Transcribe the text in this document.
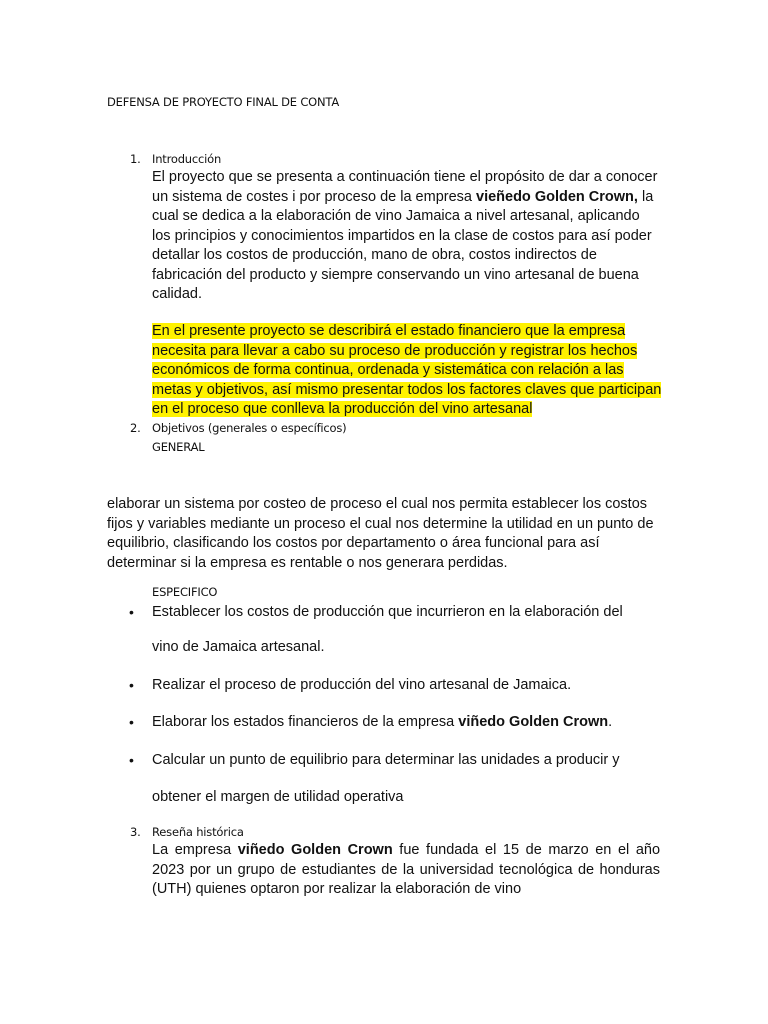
DEFENSA DE PROYECTO FINAL DE CONTA
1. Introducción
El proyecto que se presenta a continuación tiene el propósito de dar a conocer un sistema de costes i por proceso de la empresa vieñedo Golden Crown, la cual se dedica a la elaboración de vino Jamaica a nivel artesanal, aplicando los principios y conocimientos impartidos en la clase de costos para así poder detallar los costos de producción, mano de obra, costos indirectos de fabricación del producto y siempre conservando un vino artesanal de buena calidad.
En el presente proyecto se describirá el estado financiero que la empresa necesita para llevar a cabo su proceso de producción y registrar los hechos económicos de forma continua, ordenada y sistemática con relación a las metas y objetivos, así mismo presentar todos los factores claves que participan en el proceso que conlleva la producción del vino artesanal
2. Objetivos (generales o específicos)
GENERAL
elaborar un sistema por costeo de proceso el cual nos permita establecer los costos fijos y variables mediante un proceso el cual nos determine la utilidad en un punto de equilibrio, clasificando los costos por departamento o área funcional para así determinar si la empresa es rentable o nos generara perdidas.
ESPECIFICO
•	Establecer los costos de producción que incurrieron en la elaboración del
vino de Jamaica artesanal.
•	Realizar el proceso de producción del vino artesanal de Jamaica.
•	Elaborar los estados financieros de la empresa viñedo Golden Crown.
•	Calcular un punto de equilibrio para determinar las unidades a producir y
obtener el margen de utilidad operativa
3. Reseña histórica
La empresa viñedo Golden Crown fue fundada el 15 de marzo en el año 2023 por un grupo de estudiantes de la universidad tecnológica de honduras (UTH) quienes optaron por realizar la elaboración de vino
